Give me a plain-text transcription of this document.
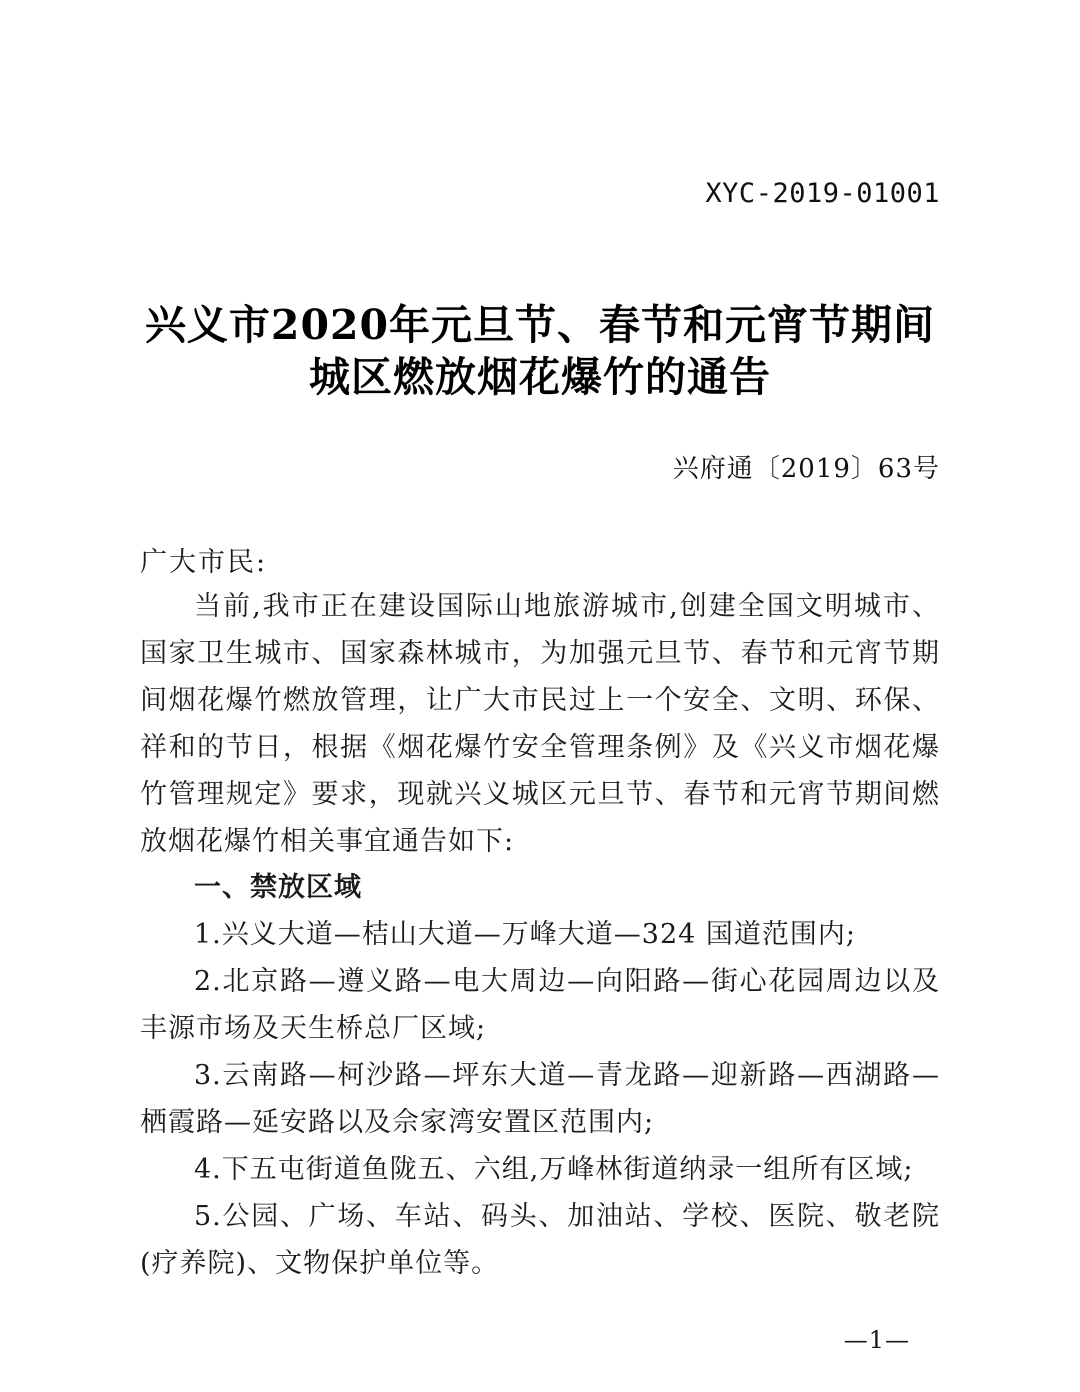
XYC-2019-01001
兴义市2020年元旦节、春节和元宵节期间
城区燃放烟花爆竹的通告
兴府通〔2019〕63号
广大市民:
当前,我市正在建设国际山地旅游城市,创建全国文明城市、国家卫生城市、国家森林城市，为加强元旦节、春节和元宵节期间烟花爆竹燃放管理，让广大市民过上一个安全、文明、环保、祥和的节日，根据《烟花爆竹安全管理条例》及《兴义市烟花爆竹管理规定》要求，现就兴义城区元旦节、春节和元宵节期间燃放烟花爆竹相关事宜通告如下:
一、禁放区域
1.兴义大道—桔山大道—万峰大道—324 国道范围内;
2.北京路—遵义路—电大周边—向阳路—街心花园周边以及丰源市场及天生桥总厂区域;
3.云南路—柯沙路—坪东大道—青龙路—迎新路—西湖路—栖霞路—延安路以及佘家湾安置区范围内;
4.下五屯街道鱼陇五、六组,万峰林街道纳录一组所有区域;
5.公园、广场、车站、码头、加油站、学校、医院、敬老院(疗养院)、文物保护单位等。
—1—
